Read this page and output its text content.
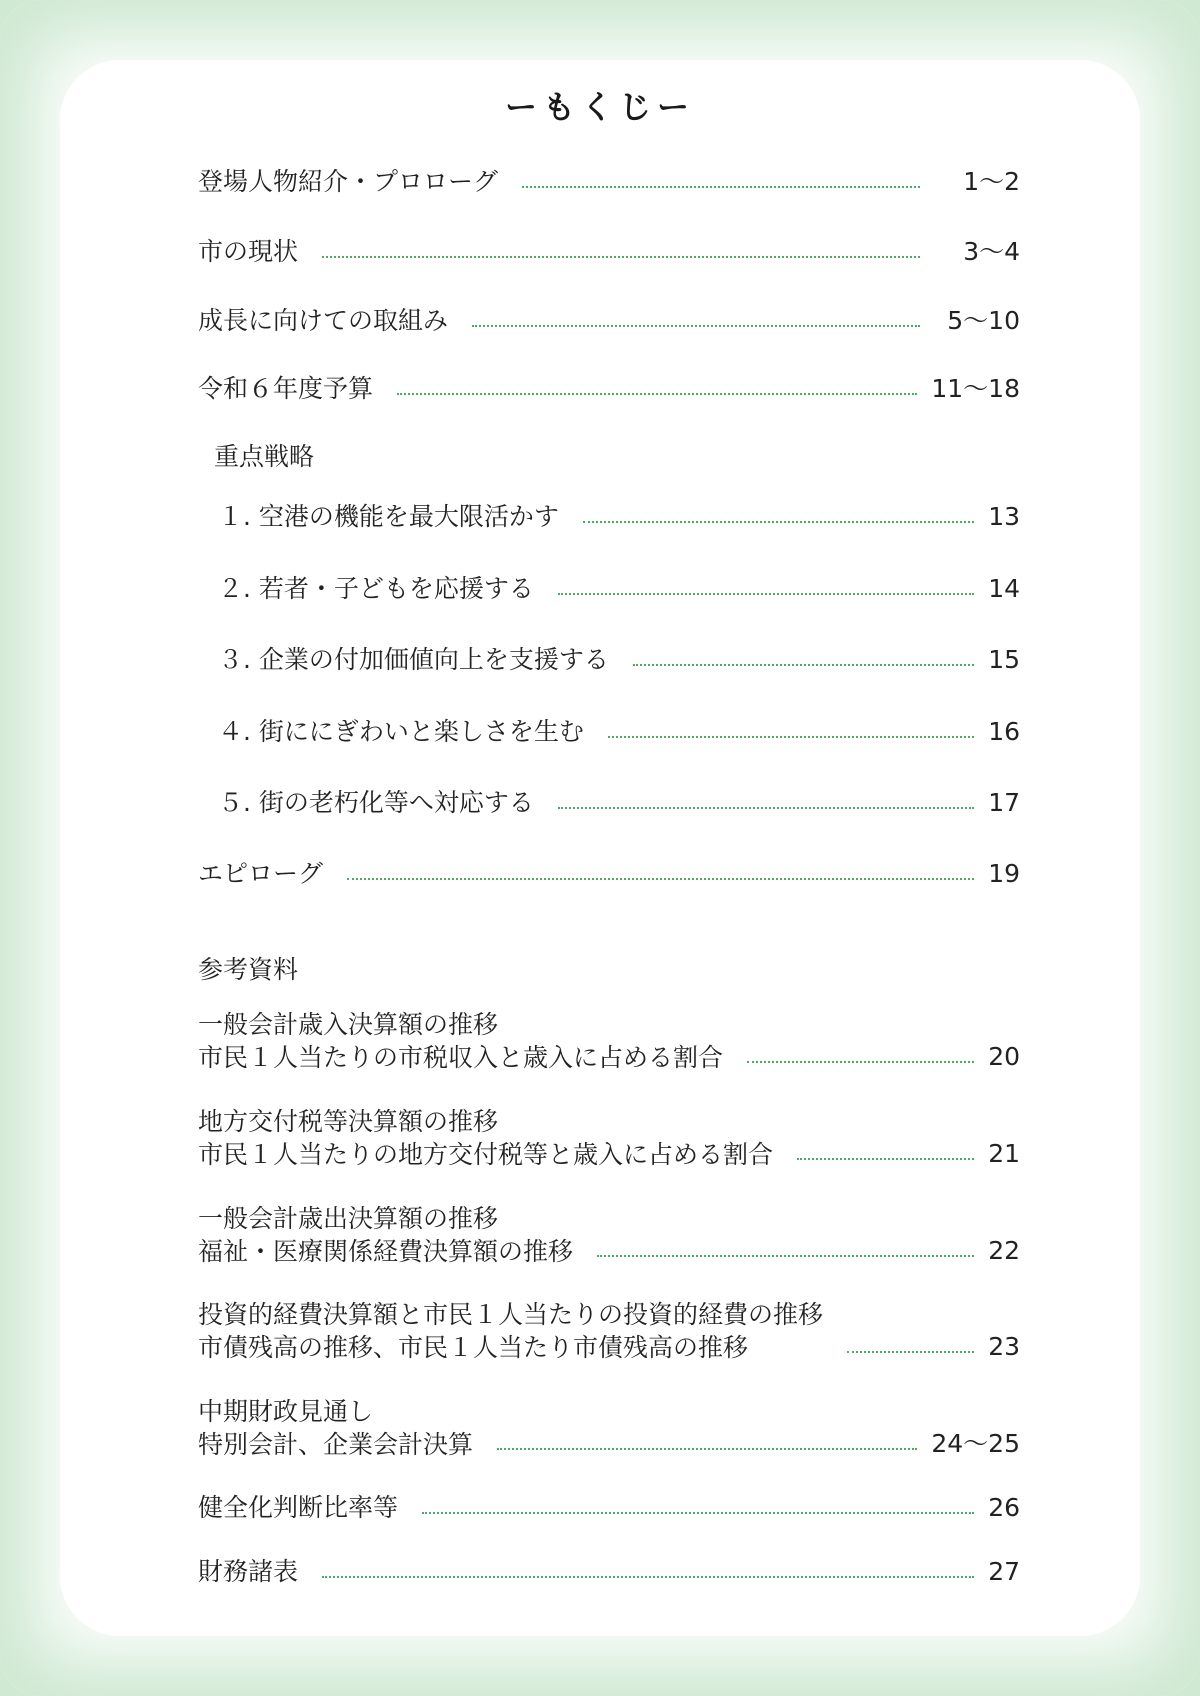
ーもくじー
登場人物紹介・プロローグ	1～2
市の現状	3～4
成長に向けての取組み	5～10
令和６年度予算	11～18
重点戦略
１. 空港の機能を最大限活かす	13
２. 若者・子どもを応援する	14
３. 企業の付加価値向上を支援する	15
４. 街ににぎわいと楽しさを生む	16
５. 街の老朽化等へ対応する	17
エピローグ	19
参考資料
一般会計歳入決算額の推移
市民１人当たりの市税収入と歳入に占める割合	20
地方交付税等決算額の推移
市民１人当たりの地方交付税等と歳入に占める割合	21
一般会計歳出決算額の推移
福祉・医療関係経費決算額の推移	22
投資的経費決算額と市民１人当たりの投資的経費の推移
市債残高の推移、市民１人当たり市債残高の推移	23
中期財政見通し
特別会計、企業会計決算	24～25
健全化判断比率等	26
財務諸表	27
